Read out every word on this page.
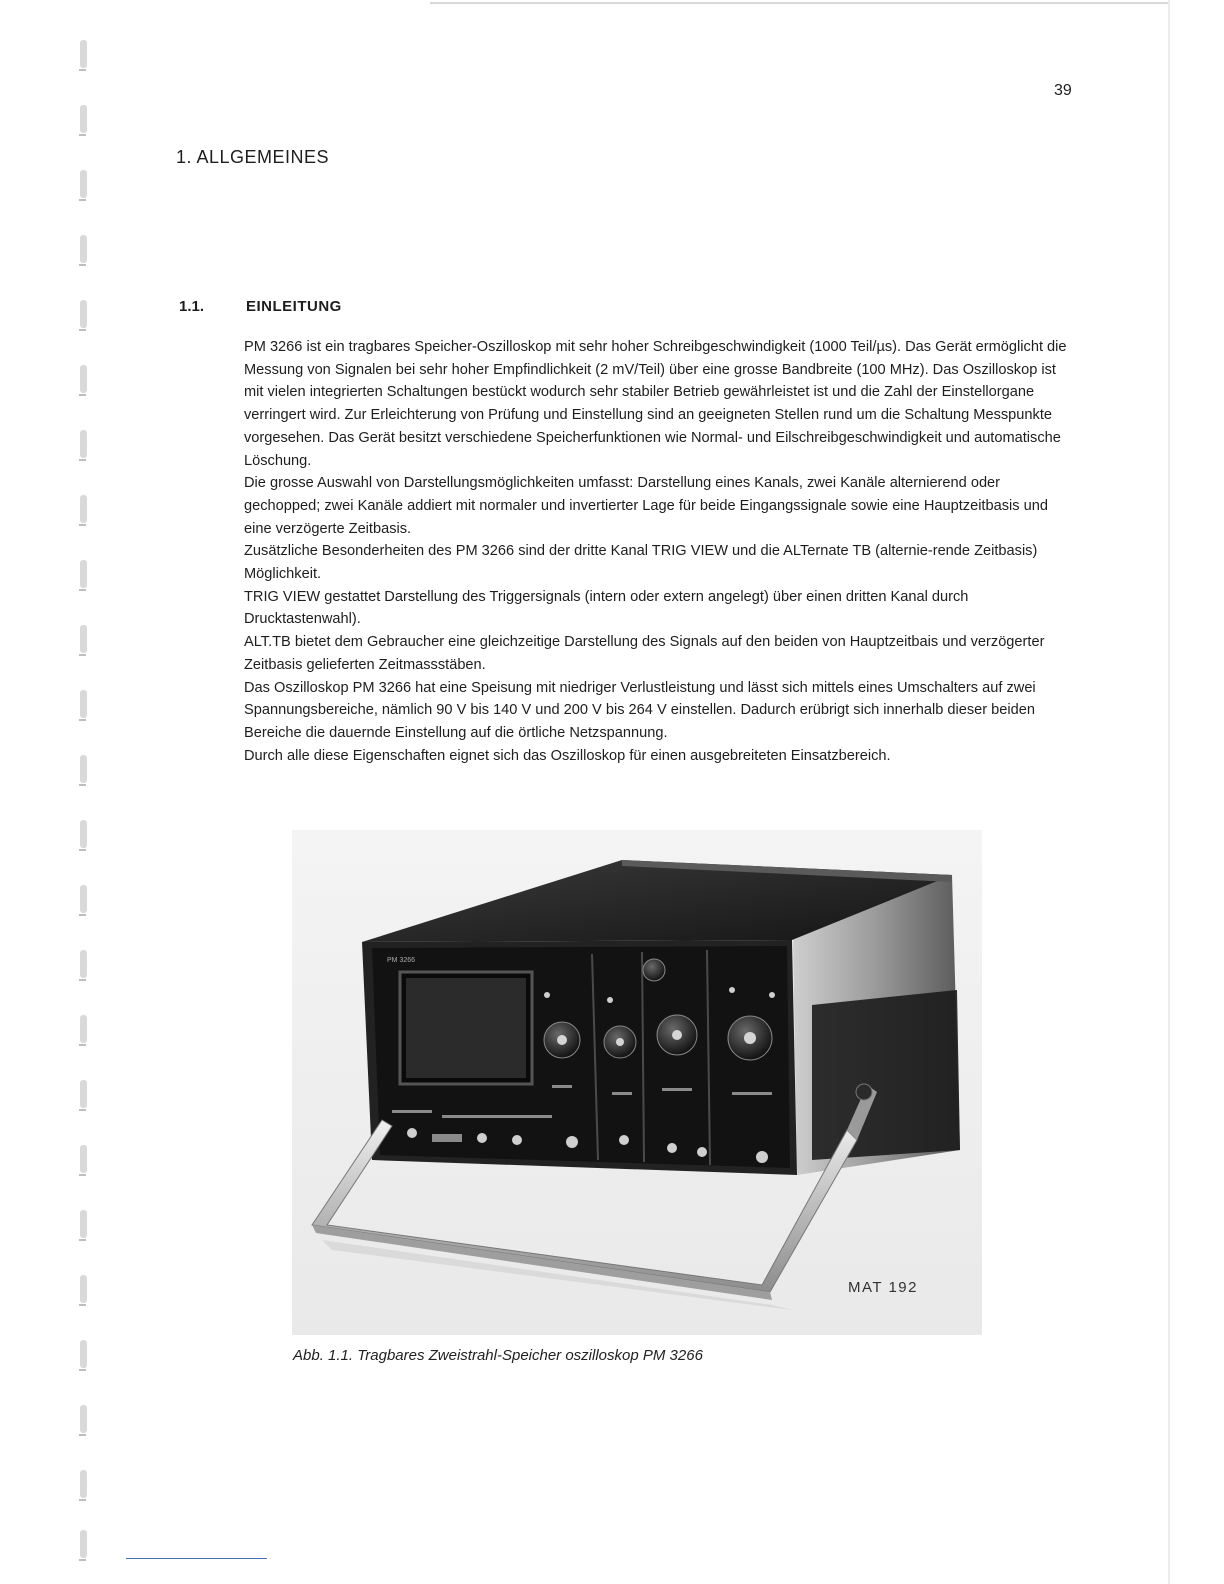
39
1. ALLGEMEINES
1.1.	EINLEITUNG

PM 3266 ist ein tragbares Speicher-Oszilloskop mit sehr hoher Schreibgeschwindigkeit (1000 Teil/µs). Das Gerät ermöglicht die Messung von Signalen bei sehr hoher Empfindlichkeit (2 mV/Teil) über eine grosse Bandbreite (100 MHz). Das Oszilloskop ist mit vielen integrierten Schaltungen bestückt wodurch sehr stabiler Betrieb gewährleistet ist und die Zahl der Einstellorgane verringert wird. Zur Erleichterung von Prüfung und Einstellung sind an geeigneten Stellen rund um die Schaltung Messpunkte vorgesehen. Das Gerät besitzt verschiedene Speicherfunktionen wie Normal- und Eilschreibgeschwindigkeit und automatische Löschung.

Die grosse Auswahl von Darstellungsmöglichkeiten umfasst: Darstellung eines Kanals, zwei Kanäle alternierend oder gechopped; zwei Kanäle addiert mit normaler und invertierter Lage für beide Eingangssignale sowie eine Hauptzeitbasis und eine verzögerte Zeitbasis.

Zusätzliche Besonderheiten des PM 3266 sind der dritte Kanal TRIG VIEW und die ALTernate TB (alternie-rende Zeitbasis) Möglichkeit.

TRIG VIEW gestattet Darstellung des Triggersignals (intern oder extern angelegt) über einen dritten Kanal durch Drucktastenwahl).

ALT.TB bietet dem Gebraucher eine gleichzeitige Darstellung des Signals auf den beiden von Hauptzeitbais und verzögerter Zeitbasis gelieferten Zeitmassstäben.

Das Oszilloskop PM 3266 hat eine Speisung mit niedriger Verlustleistung und lässt sich mittels eines Umschalters auf zwei Spannungsbereiche, nämlich 90 V bis 140 V und 200 V bis 264 V einstellen. Dadurch erübrigt sich innerhalb dieser beiden Bereiche die dauernde Einstellung auf die örtliche Netzspannung.

Durch alle diese Eigenschaften eignet sich das Oszilloskop für einen ausgebreiteten Einsatzbereich.

PM 3266
MAT 192
Abb. 1.1. Tragbares Zweistrahl-Speicher oszilloskop PM 3266
